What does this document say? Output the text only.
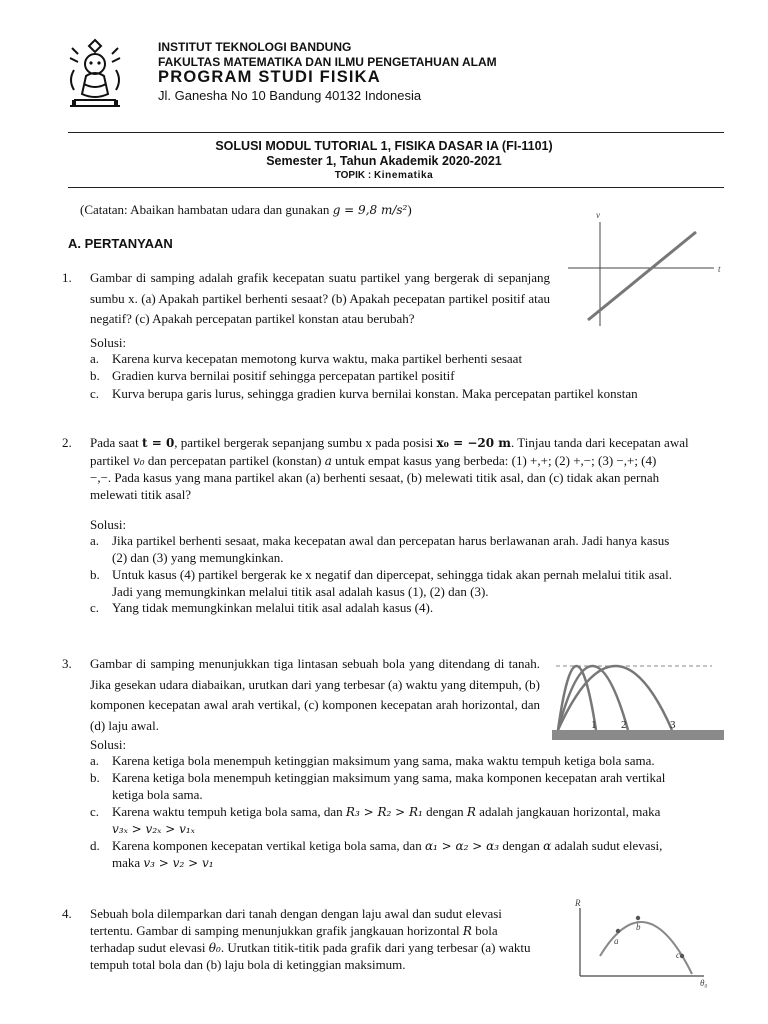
INSTITUT TEKNOLOGI BANDUNG
FAKULTAS MATEMATIKA DAN ILMU PENGETAHUAN ALAM
PROGRAM STUDI FISIKA
Jl. Ganesha No 10 Bandung 40132 Indonesia
SOLUSI MODUL TUTORIAL 1, FISIKA DASAR IA (FI-1101)
Semester 1, Tahun Akademik 2020-2021
TOPIK : Kinematika
(Catatan: Abaikan hambatan udara dan gunakan g = 9,8 m/s²)
A. PERTANYAAN
1. Gambar di samping adalah grafik kecepatan suatu partikel yang bergerak di sepanjang sumbu x. (a) Apakah partikel berhenti sesaat? (b) Apakah pecepatan partikel positif atau negatif? (c) Apakah percepatan partikel konstan atau berubah?
v
t
Solusi:
a. Karena kurva kecepatan memotong kurva waktu, maka partikel berhenti sesaat
b. Gradien kurva bernilai positif sehingga percepatan partikel positif
c. Kurva berupa garis lurus, sehingga gradien kurva bernilai konstan. Maka percepatan partikel konstan
2. Pada saat t = 0, partikel bergerak sepanjang sumbu x pada posisi x₀ = −20 m. Tinjau tanda dari kecepatan awal
partikel v₀ dan percepatan partikel (konstan) a untuk empat kasus yang berbeda: (1) +,+; (2) +,−; (3) −,+; (4)
−,−. Pada kasus yang mana partikel akan (a) berhenti sesaat, (b) melewati titik asal, dan (c) tidak akan pernah
melewati titik asal?
Solusi:
a. Jika partikel berhenti sesaat, maka kecepatan awal dan percepatan harus berlawanan arah. Jadi hanya kasus
(2) dan (3) yang memungkinkan.
b. Untuk kasus (4) partikel bergerak ke x negatif dan dipercepat, sehingga tidak akan pernah melalui titik asal.
Jadi yang memungkinkan melalui titik asal adalah kasus (1), (2) dan (3).
c. Yang tidak memungkinkan melalui titik asal adalah kasus (4).
3. Gambar di samping menunjukkan tiga lintasan sebuah bola yang ditendang di tanah. Jika gesekan udara diabaikan, urutkan dari yang terbesar (a) waktu yang ditempuh, (b) komponen kecepatan awal arah vertikal, (c) komponen kecepatan arah horizontal, dan (d) laju awal.	1 2	3
Solusi:
a. Karena ketiga bola menempuh ketinggian maksimum yang sama, maka waktu tempuh ketiga bola sama.
b. Karena ketiga bola menempuh ketinggian maksimum yang sama, maka komponen kecepatan arah vertikal
ketiga bola sama.
c. Karena waktu tempuh ketiga bola sama, dan R₃ > R₂ > R₁ dengan R adalah jangkauan horizontal, maka
v₃ₓ > v₂ₓ > v₁ₓ
d. Karena komponen kecepatan vertikal ketiga bola sama, dan α₁ > α₂ > α₃ dengan α adalah sudut elevasi,
maka v₃ > v₂ > v₁
4. Sebuah bola dilemparkan dari tanah dengan dengan laju awal dan sudut elevasi
tertentu. Gambar di samping menunjukkan grafik jangkauan horizontal R bola
terhadap sudut elevasi θ₀. Urutkan titik-titik pada grafik dari yang terbesar (a) waktu
tempuh total bola dan (b) laju bola di ketinggian maksimum.
a
b
c
R
θ₀
